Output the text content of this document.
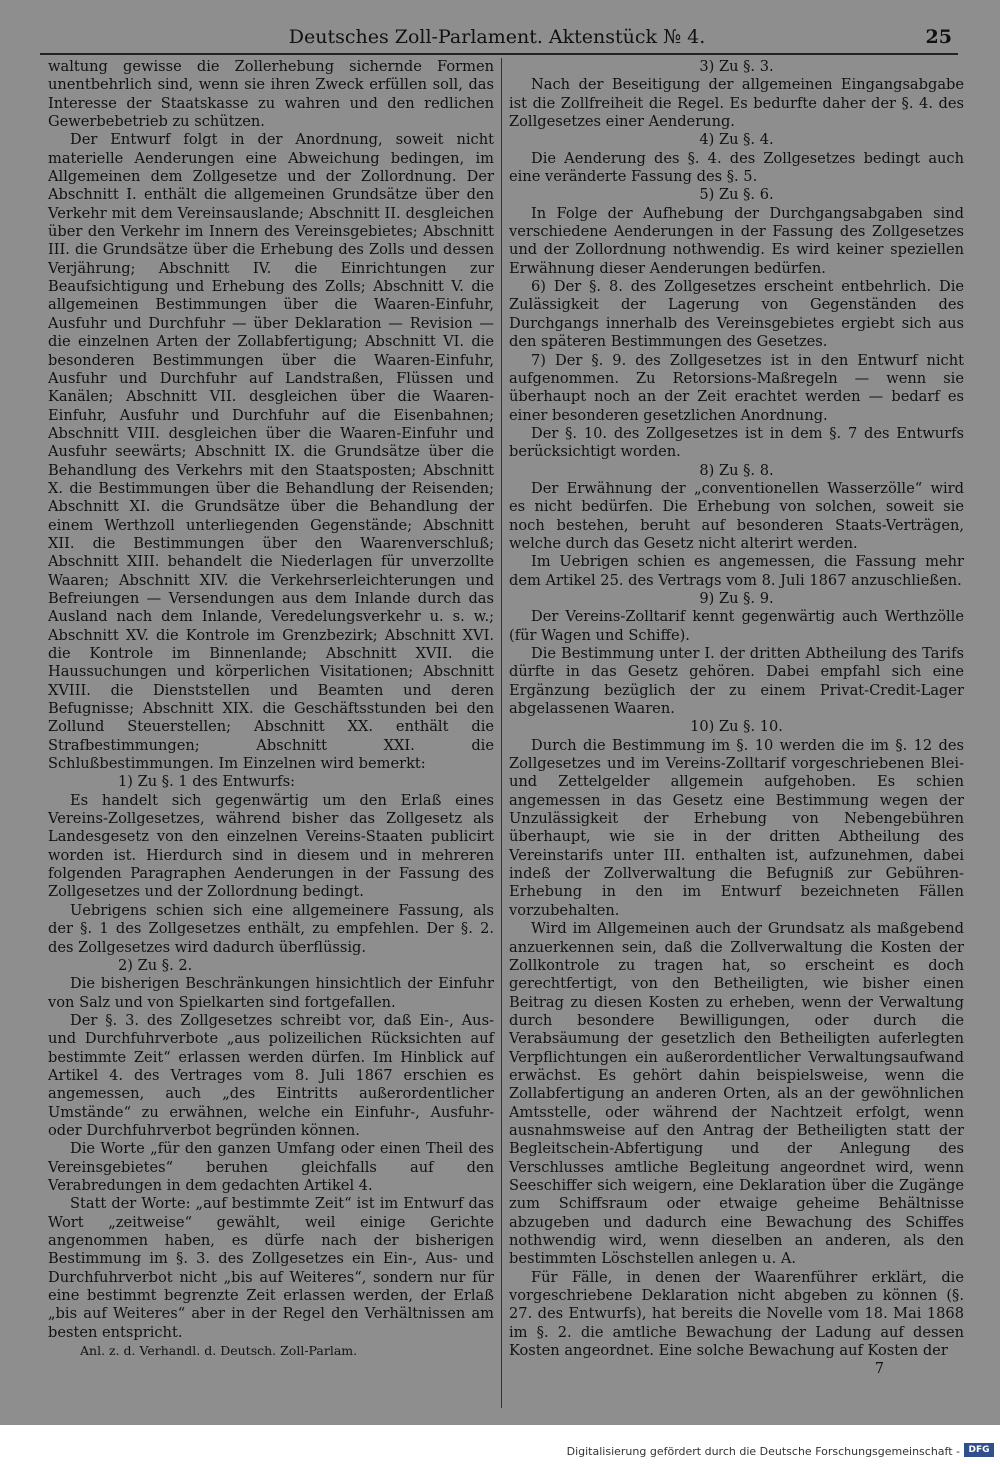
Deutsches Zoll-Parlament. Aktenstück № 4.	25

waltung gewisse die Zollerhebung sichernde Formen unentbehrlich sind, wenn sie ihren Zweck erfüllen soll, das Interesse der Staatskasse zu wahren und den redlichen Gewerbebetrieb zu schützen.

Der Entwurf folgt in der Anordnung, soweit nicht materielle Aenderungen eine Abweichung bedingen, im Allgemeinen dem Zollgesetze und der Zollordnung. Der Abschnitt I. enthält die allgemeinen Grundsätze über den Verkehr mit dem Vereinsauslande; Abschnitt II. desgleichen über den Verkehr im Innern des Vereinsgebietes; Abschnitt III. die Grundsätze über die Erhebung des Zolls und dessen Verjährung; Abschnitt IV. die Einrichtungen zur Beaufsichtigung und Erhebung des Zolls; Abschnitt V. die allgemeinen Bestimmungen über die Waaren-Einfuhr, Ausfuhr und Durchfuhr — über Deklaration — Revision — die einzelnen Arten der Zollabfertigung; Abschnitt VI. die besonderen Bestimmungen über die Waaren-Einfuhr, Ausfuhr und Durchfuhr auf Landstraßen, Flüssen und Kanälen; Abschnitt VII. desgleichen über die Waaren-Einfuhr, Ausfuhr und Durchfuhr auf die Eisenbahnen; Abschnitt VIII. desgleichen über die Waaren-Einfuhr und Ausfuhr seewärts; Abschnitt IX. die Grundsätze über die Behandlung des Verkehrs mit den Staatsposten; Abschnitt X. die Bestimmungen über die Behandlung der Reisenden; Abschnitt XI. die Grundsätze über die Behandlung der einem Werthzoll unterliegenden Gegenstände; Abschnitt XII. die Bestimmungen über den Waarenverschluß; Abschnitt XIII. behandelt die Niederlagen für unverzollte Waaren; Abschnitt XIV. die Verkehrserleichterungen und Befreiungen — Versendungen aus dem Inlande durch das Ausland nach dem Inlande, Veredelungsverkehr u. s. w.; Abschnitt XV. die Kontrole im Grenzbezirk; Abschnitt XVI. die Kontrole im Binnenlande; Abschnitt XVII. die Haussuchungen und körperlichen Visitationen; Abschnitt XVIII. die Dienststellen und Beamten und deren Befugnisse; Abschnitt XIX. die Geschäftsstunden bei den Zollund Steuerstellen; Abschnitt XX. enthält die Strafbestimmungen; Abschnitt XXI. die Schlußbestimmungen. Im Einzelnen wird bemerkt:

1) Zu §. 1 des Entwurfs:

Es handelt sich gegenwärtig um den Erlaß eines Vereins-Zollgesetzes, während bisher das Zollgesetz als Landesgesetz von den einzelnen Vereins-Staaten publicirt worden ist. Hierdurch sind in diesem und in mehreren folgenden Paragraphen Aenderungen in der Fassung des Zollgesetzes und der Zollordnung bedingt.

Uebrigens schien sich eine allgemeinere Fassung, als der §. 1 des Zollgesetzes enthält, zu empfehlen. Der §. 2. des Zollgesetzes wird dadurch überflüssig.

2) Zu §. 2.

Die bisherigen Beschränkungen hinsichtlich der Einfuhr von Salz und von Spielkarten sind fortgefallen.

Der §. 3. des Zollgesetzes schreibt vor, daß Ein-, Aus- und Durchfuhrverbote „aus polizeilichen Rücksichten auf bestimmte Zeit“ erlassen werden dürfen. Im Hinblick auf Artikel 4. des Vertrages vom 8. Juli 1867 erschien es angemessen, auch „des Eintritts außerordentlicher Umstände“ zu erwähnen, welche ein Einfuhr-, Ausfuhr- oder Durchfuhrverbot begründen können.

Die Worte „für den ganzen Umfang oder einen Theil des Vereinsgebietes“ beruhen gleichfalls auf den Verabredungen in dem gedachten Artikel 4.

Statt der Worte: „auf bestimmte Zeit“ ist im Entwurf das Wort „zeitweise“ gewählt, weil einige Gerichte angenommen haben, es dürfe nach der bisherigen Bestimmung im §. 3. des Zollgesetzes ein Ein-, Aus- und Durchfuhrverbot nicht „bis auf Weiteres“, sondern nur für eine bestimmt begrenzte Zeit erlassen werden, der Erlaß „bis auf Weiteres“ aber in der Regel den Verhältnissen am besten entspricht.

Anl. z. d. Verhandl. d. Deutsch. Zoll-Parlam.

3) Zu §. 3.

Nach der Beseitigung der allgemeinen Eingangsabgabe ist die Zollfreiheit die Regel. Es bedurfte daher der §. 4. des Zollgesetzes einer Aenderung.

4) Zu §. 4.

Die Aenderung des §. 4. des Zollgesetzes bedingt auch eine veränderte Fassung des §. 5.

5) Zu §. 6.

In Folge der Aufhebung der Durchgangsabgaben sind verschiedene Aenderungen in der Fassung des Zollgesetzes und der Zollordnung nothwendig. Es wird keiner speziellen Erwähnung dieser Aenderungen bedürfen.

6) Der §. 8. des Zollgesetzes erscheint entbehrlich. Die Zulässigkeit der Lagerung von Gegenständen des Durchgangs innerhalb des Vereinsgebietes ergiebt sich aus den späteren Bestimmungen des Gesetzes.

7) Der §. 9. des Zollgesetzes ist in den Entwurf nicht aufgenommen. Zu Retorsions-Maßregeln — wenn sie überhaupt noch an der Zeit erachtet werden — bedarf es einer besonderen gesetzlichen Anordnung.

Der §. 10. des Zollgesetzes ist in dem §. 7 des Entwurfs berücksichtigt worden.

8) Zu §. 8.

Der Erwähnung der „conventionellen Wasserzölle“ wird es nicht bedürfen. Die Erhebung von solchen, soweit sie noch bestehen, beruht auf besonderen Staats-Verträgen, welche durch das Gesetz nicht alterirt werden.

Im Uebrigen schien es angemessen, die Fassung mehr dem Artikel 25. des Vertrags vom 8. Juli 1867 anzuschließen.

9) Zu §. 9.

Der Vereins-Zolltarif kennt gegenwärtig auch Werthzölle (für Wagen und Schiffe).

Die Bestimmung unter I. der dritten Abtheilung des Tarifs dürfte in das Gesetz gehören. Dabei empfahl sich eine Ergänzung bezüglich der zu einem Privat-Credit-Lager abgelassenen Waaren.

10) Zu §. 10.

Durch die Bestimmung im §. 10 werden die im §. 12 des Zollgesetzes und im Vereins-Zolltarif vorgeschriebenen Blei- und Zettelgelder allgemein aufgehoben. Es schien angemessen in das Gesetz eine Bestimmung wegen der Unzulässigkeit der Erhebung von Nebengebühren überhaupt, wie sie in der dritten Abtheilung des Vereinstarifs unter III. enthalten ist, aufzunehmen, dabei indeß der Zollverwaltung die Befugniß zur Gebühren-Erhebung in den im Entwurf bezeichneten Fällen vorzubehalten.

Wird im Allgemeinen auch der Grundsatz als maßgebend anzuerkennen sein, daß die Zollverwaltung die Kosten der Zollkontrole zu tragen hat, so erscheint es doch gerechtfertigt, von den Betheiligten, wie bisher einen Beitrag zu diesen Kosten zu erheben, wenn der Verwaltung durch besondere Bewilligungen, oder durch die Verabsäumung der gesetzlich den Betheiligten auferlegten Verpflichtungen ein außerordentlicher Verwaltungsaufwand erwächst. Es gehört dahin beispielsweise, wenn die Zollabfertigung an anderen Orten, als an der gewöhnlichen Amtsstelle, oder während der Nachtzeit erfolgt, wenn ausnahmsweise auf den Antrag der Betheiligten statt der Begleitschein-Abfertigung und der Anlegung des Verschlusses amtliche Begleitung angeordnet wird, wenn Seeschiffer sich weigern, eine Deklaration über die Zugänge zum Schiffsraum oder etwaige geheime Behältnisse abzugeben und dadurch eine Bewachung des Schiffes nothwendig wird, wenn dieselben an anderen, als den bestimmten Löschstellen anlegen u. A.

Für Fälle, in denen der Waarenführer erklärt, die vorgeschriebene Deklaration nicht abgeben zu können (§. 27. des Entwurfs), hat bereits die Novelle vom 18. Mai 1868 im §. 2. die amtliche Bewachung der Ladung auf dessen Kosten angeordnet. Eine solche Bewachung auf Kosten der

7

Digitalisierung gefördert durch die Deutsche Forschungsgemeinschaft - DFG
